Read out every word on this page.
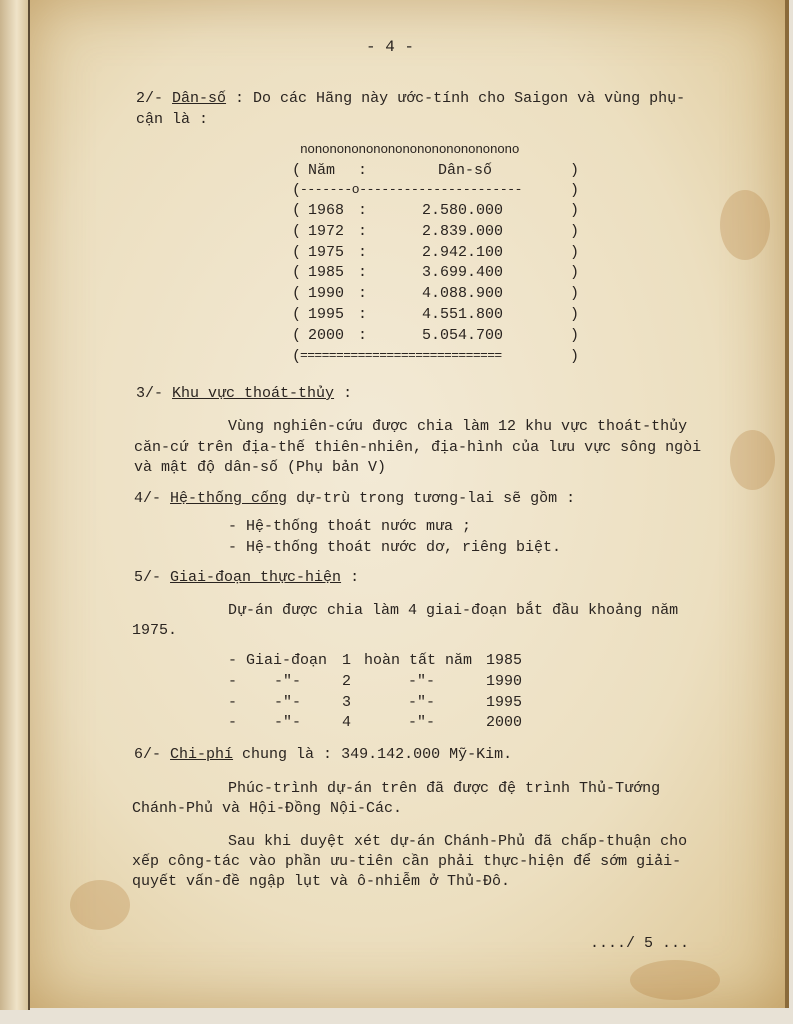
- 4 -
2/- Dân-số : Do các Hãng này ước-tính cho Saigon và vùng phụ-
cận là :
nonononononononononononononono
( Năm :	Dân-số	)
(
-------o----------------------	)
( 1968 :	2.580.000	)
( 1972 :	2.839.000	)
( 1975 :	2.942.100	)
( 1985 :	3.699.400	)
( 1990 :	4.088.900	)
( 1995 :	4.551.800	)
( 2000 :	5.054.700	)
(
============================	)
3/- Khu vực thoát-thủy :
Vùng nghiên-cứu được chia làm 12 khu vực thoát-thủy
căn-cứ trên địa-thế thiên-nhiên, địa-hình của lưu vực sông ngòi
và mật độ dân-số (Phụ bản V)
4/- Hệ-thống cống dự-trù trong tương-lai sẽ gồm :
- Hệ-thống thoát nước mưa ;
- Hệ-thống thoát nước dơ, riêng biệt.
5/- Giai-đoạn thực-hiện :
Dự-án được chia làm 4 giai-đoạn bắt đầu khoảng năm
1975.
- Giai-đoạn 1 hoàn tất năm 1985
- -"-	2	-"-	1990
- -"-	3	-"-	1995
- -"-	4	-"-	2000
6/- Chi-phí chung là : 349.142.000 Mỹ-Kim.
Phúc-trình dự-án trên đã được đệ trình Thủ-Tướng
Chánh-Phủ và Hội-Đồng Nội-Các.
Sau khi duyệt xét dự-án Chánh-Phủ đã chấp-thuận cho
xếp công-tác vào phần ưu-tiên cần phải thực-hiện để sớm giải-
quyết vấn-đề ngập lụt và ô-nhiễm ở Thủ-Đô.
..../ 5 ...
